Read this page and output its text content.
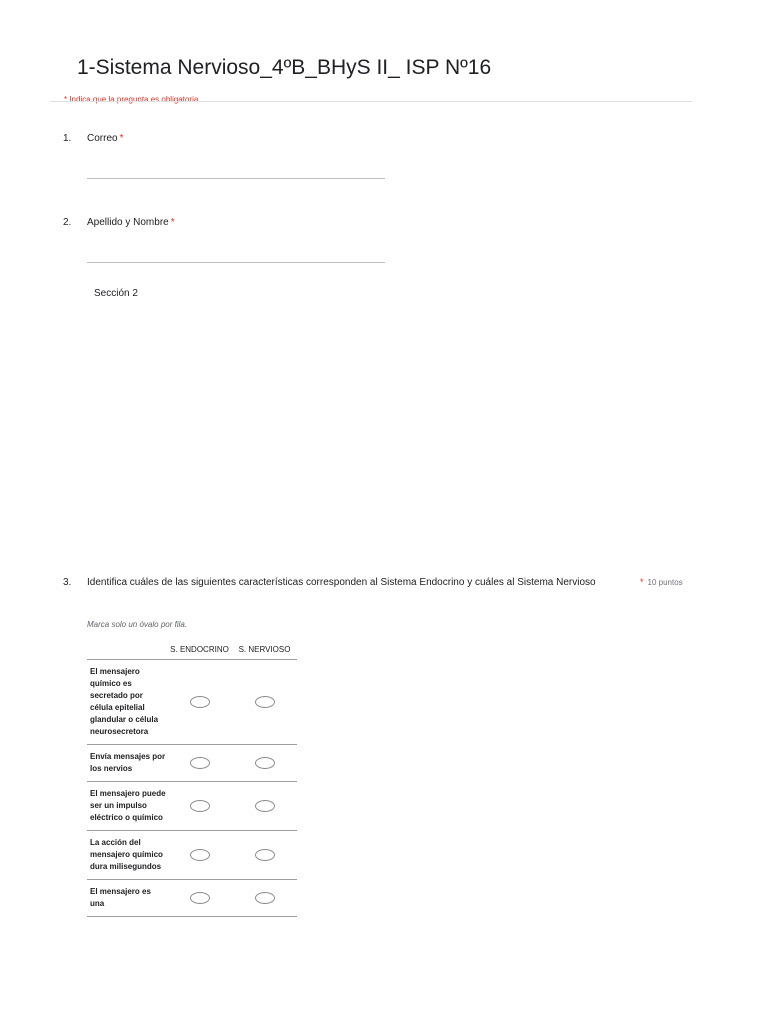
1-Sistema Nervioso_4ºB_BHyS II_ ISP Nº16
* Indica que la pregunta es obligatoria
1. Correo *
2. Apellido y Nombre *
Sección 2
3. Identifica cuáles de las siguientes características corresponden al Sistema Endocrino y cuáles al Sistema Nervioso	* 10 puntos
Marca solo un óvalo por fila.
	S. ENDOCRINO	S. NERVIOSO
El mensajero químico es secretado por célula epitelial glandular o célula neurosecretora		
Envía mensajes por los nervios		
El mensajero puede ser un impulso eléctrico o químico		
La acción del mensajero químico dura milisegundos		
El mensajero es una		
